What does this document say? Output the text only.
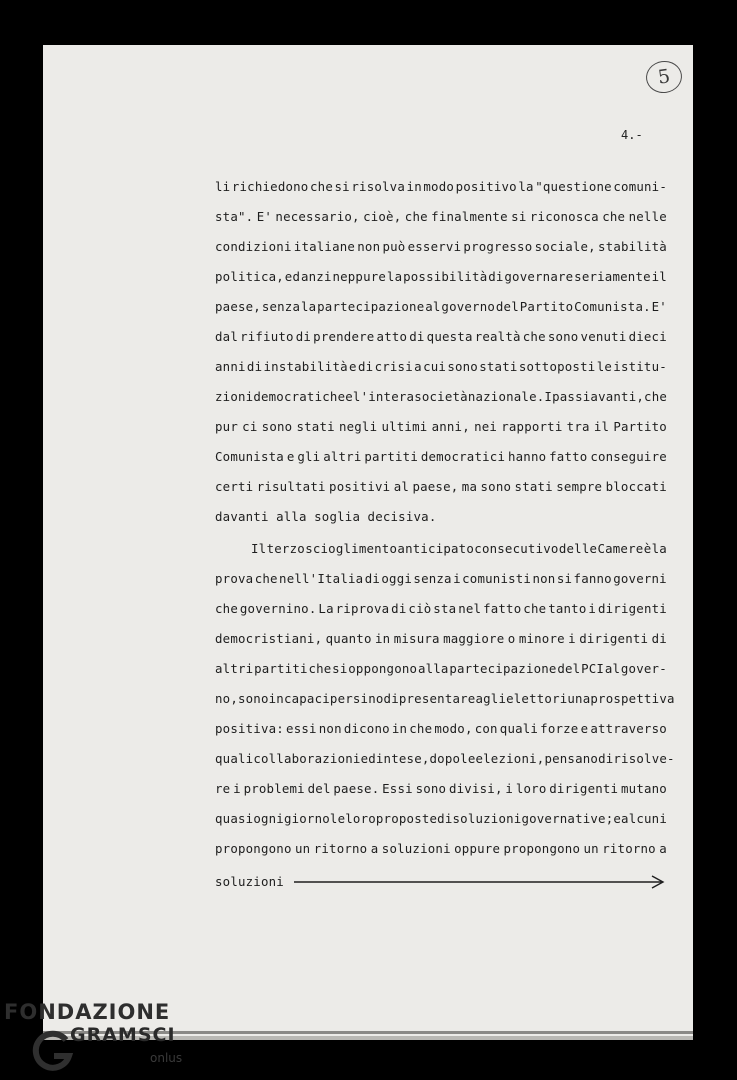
5
4.-
li richiedono che si risolva in modo positivo la "questione comuni-
sta". E' necessario, cioè, che finalmente si riconosca che nelle
condizioni italiane non può esservi progresso sociale, stabilità
politica, ed anzi neppure la possibilità di governare seriamente il
paese, senza la partecipazione al governo del Partito Comunista. E'
dal rifiuto di prendere atto di questa realtà che sono venuti dieci
anni di instabilità e di crisi a cui sono stati sottoposti le istitu-
zioni democratiche e l'intera società nazionale. I passi avanti, che
pur ci sono stati negli ultimi anni, nei rapporti tra il Partito
Comunista e gli altri partiti democratici hanno fatto conseguire
certi risultati positivi al paese, ma sono stati sempre bloccati
davanti alla soglia decisiva.
Il terzo scioglimento anticipato consecutivo delle Camere è la
prova che nell'Italia di oggi senza i comunisti non si fanno governi
che governino. La riprova di ciò sta nel fatto che tanto i dirigenti
democristiani, quanto in misura maggiore o minore i dirigenti di
altri partiti che si oppongono alla partecipazione del PCI al gover-
no, sono incapaci persino di presentare agli elettori una prospettiva
positiva: essi non dicono in che modo, con quali forze e attraverso
quali collaborazioni ed intese, dopo le elezioni, pensano di risolve-
re i problemi del paese. Essi sono divisi, i loro dirigenti mutano
quasi ogni giorno le loro proposte di soluzioni governative; e alcuni
propongono un ritorno a soluzioni oppure propongono un ritorno a
soluzioni
FONDAZIONE
GRAMSCI
onlus
